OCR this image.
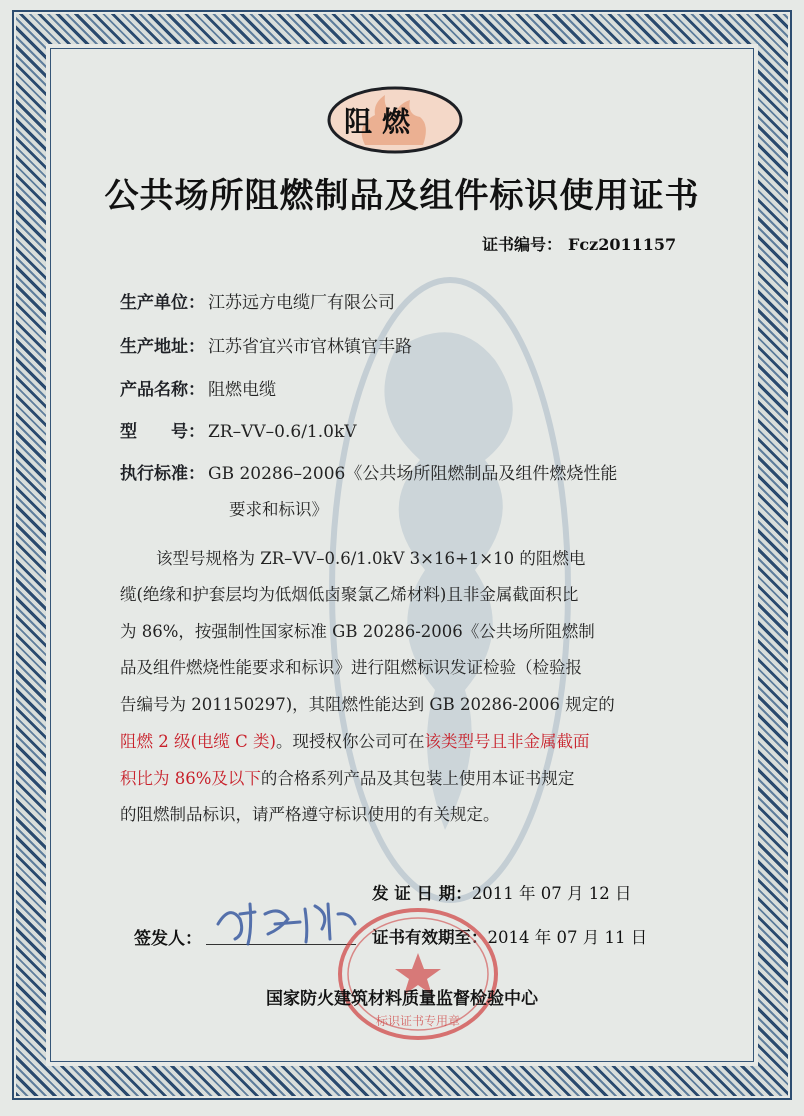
阻燃
公共场所阻燃制品及组件标识使用证书
证书编号： Fcz2011157
生产单位： 江苏远方电缆厂有限公司
生产地址： 江苏省宜兴市官林镇官丰路
产品名称： 阻燃电缆
型　　号： ZR–VV–0.6/1.0kV
执行标准： GB 20286–2006《公共场所阻燃制品及组件燃烧性能
要求和标识》
该型号规格为 ZR–VV–0.6/1.0kV 3×16+1×10 的阻燃电
缆(绝缘和护套层均为低烟低卤聚氯乙烯材料)且非金属截面积比
为 86%，按强制性国家标准 GB 20286-2006《公共场所阻燃制
品及组件燃烧性能要求和标识》进行阻燃标识发证检验（检验报
告编号为 201150297)，其阻燃性能达到 GB 20286-2006 规定的
阻燃 2 级(电缆 C 类)。现授权你公司可在该类型号且非金属截面
积比为 86%及以下的合格系列产品及其包装上使用本证书规定
的阻燃制品标识，请严格遵守标识使用的有关规定。
发 证 日 期：2011 年 07 月 12 日
证书有效期至：2014 年 07 月 11 日
签发人：
标识证书专用章
国家防火建筑材料质量监督检验中心
